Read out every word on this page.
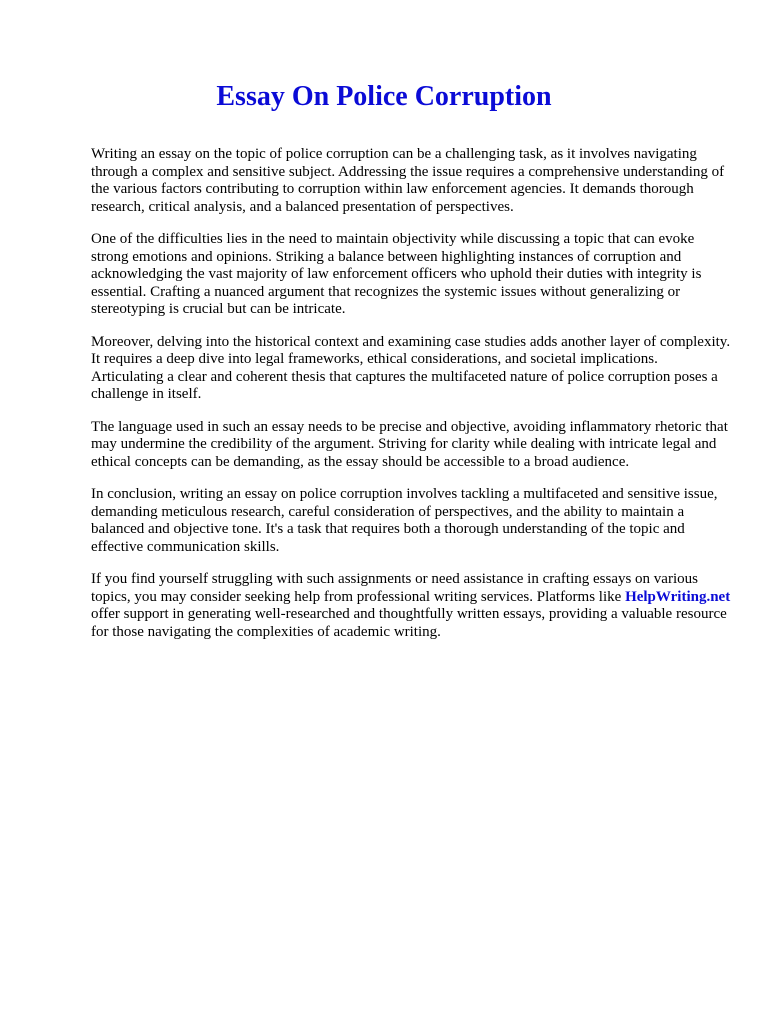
Essay On Police Corruption

Writing an essay on the topic of police corruption can be a challenging task, as it involves navigating through a complex and sensitive subject. Addressing the issue requires a comprehensive understanding of the various factors contributing to corruption within law enforcement agencies. It demands thorough research, critical analysis, and a balanced presentation of perspectives.

One of the difficulties lies in the need to maintain objectivity while discussing a topic that can evoke strong emotions and opinions. Striking a balance between highlighting instances of corruption and acknowledging the vast majority of law enforcement officers who uphold their duties with integrity is essential. Crafting a nuanced argument that recognizes the systemic issues without generalizing or stereotyping is crucial but can be intricate.

Moreover, delving into the historical context and examining case studies adds another layer of complexity. It requires a deep dive into legal frameworks, ethical considerations, and societal implications. Articulating a clear and coherent thesis that captures the multifaceted nature of police corruption poses a challenge in itself.

The language used in such an essay needs to be precise and objective, avoiding inflammatory rhetoric that may undermine the credibility of the argument. Striving for clarity while dealing with intricate legal and ethical concepts can be demanding, as the essay should be accessible to a broad audience.

In conclusion, writing an essay on police corruption involves tackling a multifaceted and sensitive issue, demanding meticulous research, careful consideration of perspectives, and the ability to maintain a balanced and objective tone. It's a task that requires both a thorough understanding of the topic and effective communication skills.

If you find yourself struggling with such assignments or need assistance in crafting essays on various topics, you may consider seeking help from professional writing services. Platforms like HelpWriting.net offer support in generating well-researched and thoughtfully written essays, providing a valuable resource for those navigating the complexities of academic writing.
